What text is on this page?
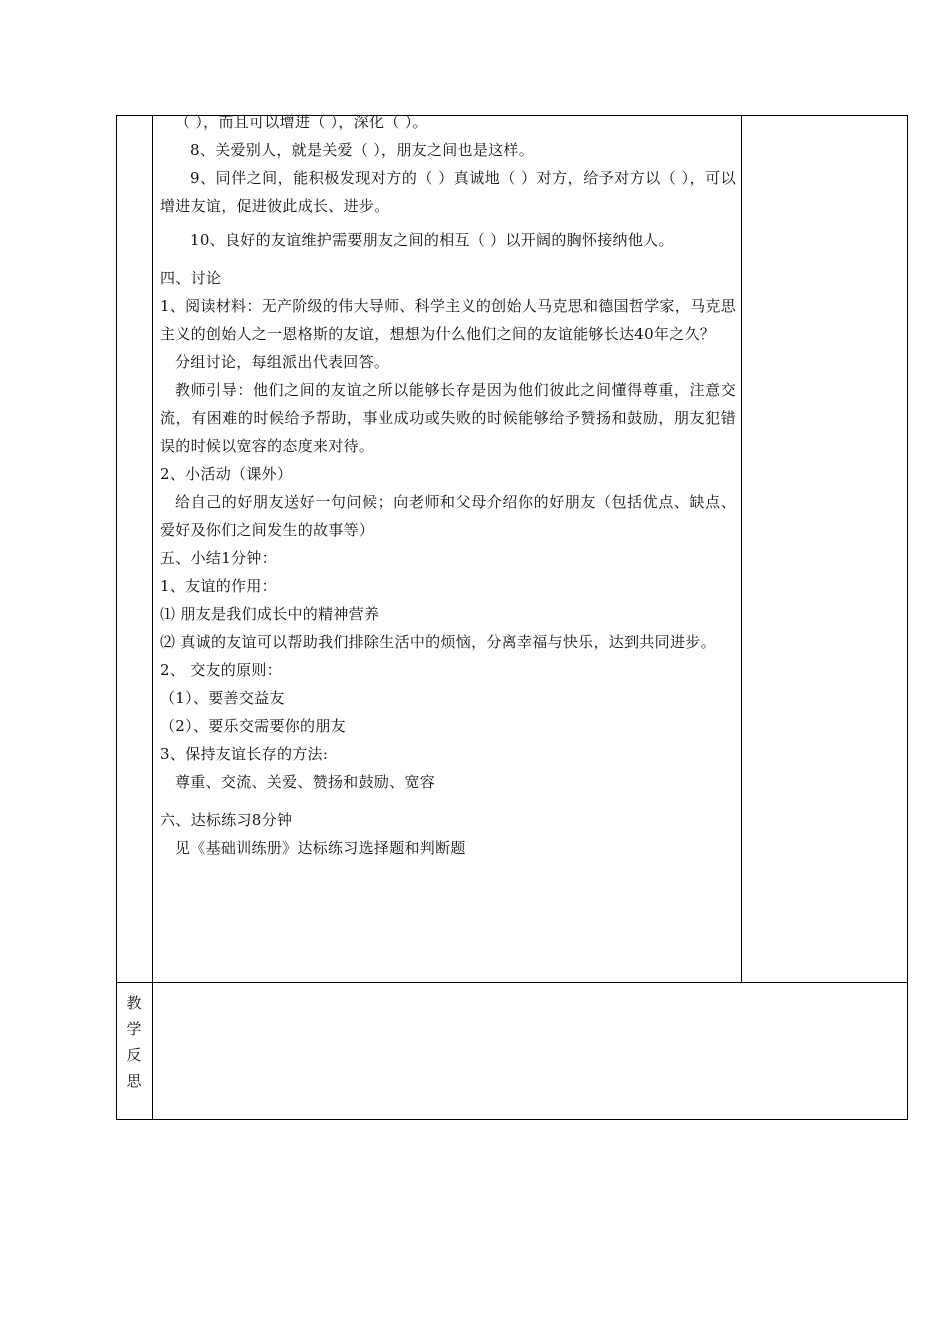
（ ），而且可以增进（ ），深化（ ）。

8、关爱别人，就是关爱（ ），朋友之间也是这样。

9、同伴之间，能积极发现对方的（ ）真诚地（ ）对方，给予对方以（ ），可以增进友谊，促进彼此成长、进步。

10、良好的友谊维护需要朋友之间的相互（ ）以开阔的胸怀接纳他人。

四、讨论

1、阅读材料：无产阶级的伟大导师、科学主义的创始人马克思和德国哲学家，马克思主义的创始人之一恩格斯的友谊，想想为什么他们之间的友谊能够长达40年之久？

分组讨论，每组派出代表回答。

教师引导：他们之间的友谊之所以能够长存是因为他们彼此之间懂得尊重，注意交流，有困难的时候给予帮助，事业成功或失败的时候能够给予赞扬和鼓励，朋友犯错误的时候以宽容的态度来对待。

2、小活动（课外）

给自己的好朋友送好一句问候；向老师和父母介绍你的好朋友（包括优点、缺点、爱好及你们之间发生的故事等）

五、小结1分钟：

1、友谊的作用：

⑴ 朋友是我们成长中的精神营养

⑵ 真诚的友谊可以帮助我们排除生活中的烦恼，分离幸福与快乐，达到共同进步。

2、 交友的原则：

（1）、要善交益友

（2）、要乐交需要你的朋友

3、保持友谊长存的方法:

尊重、交流、关爱、赞扬和鼓励、宽容

六、达标练习8分钟

见《基础训练册》达标练习选择题和判断题

教
学
反
思
